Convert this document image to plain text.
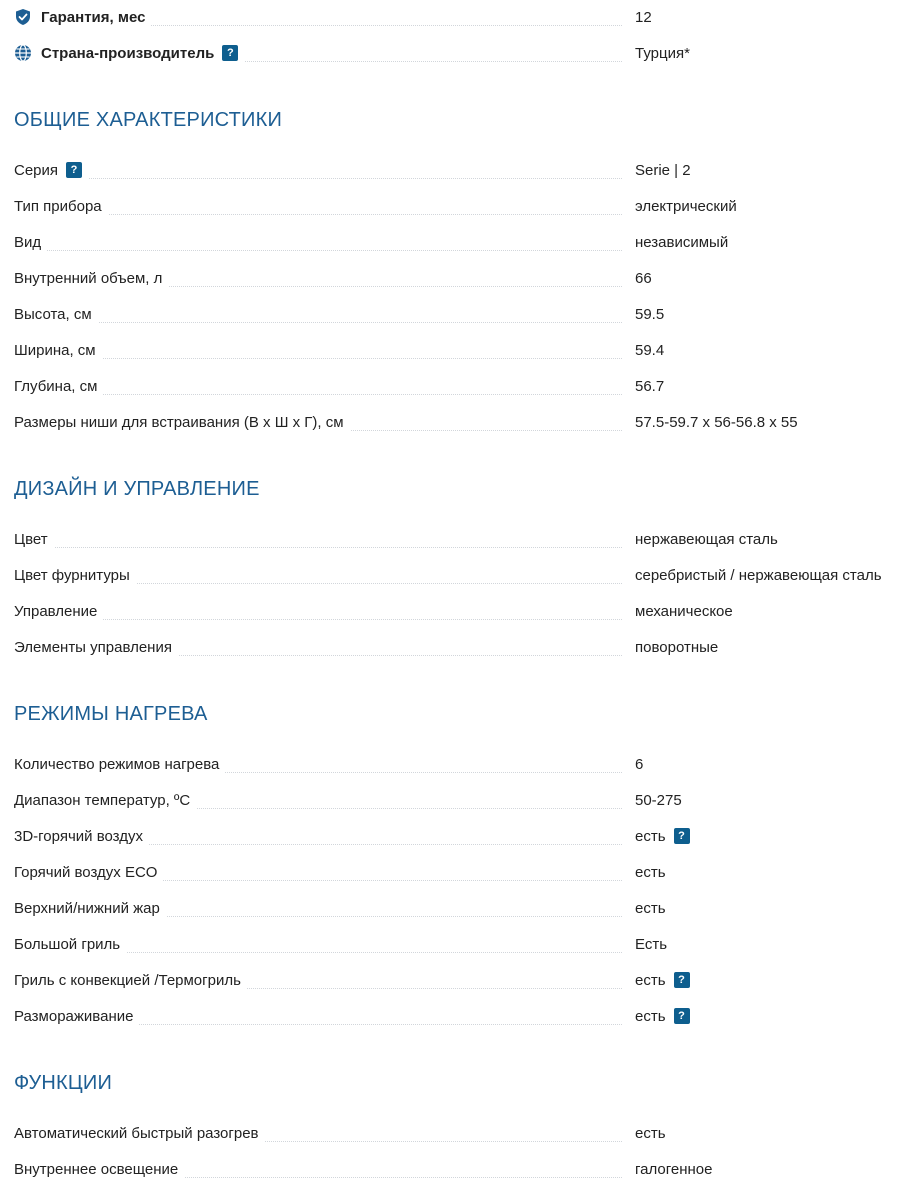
Гарантия, мес	12
Страна-производитель	?	Турция*
ОБЩИЕ ХАРАКТЕРИСТИКИ
Серия	?	Serie | 2
Тип прибора	электрический
Вид	независимый
Внутренний объем, л	66
Высота, см	59.5
Ширина, см	59.4
Глубина, см	56.7
Размеры ниши для встраивания (В х Ш х Г), см	57.5-59.7 x 56-56.8 x 55
ДИЗАЙН И УПРАВЛЕНИЕ
Цвет	нержавеющая сталь
Цвет фурнитуры	серебристый / нержавеющая сталь
Управление	механическое
Элементы управления	поворотные
РЕЖИМЫ НАГРЕВА
Количество режимов нагрева	6
Диапазон температур, ºС	50-275
3D-горячий воздух	есть	?
Горячий воздух ECO	есть
Верхний/нижний жар	есть
Большой гриль	Есть
Гриль с конвекцией /Термогриль	есть	?
Размораживание	есть	?
ФУНКЦИИ
Автоматический быстрый разогрев	есть
Внутреннее освещение	галогенное
